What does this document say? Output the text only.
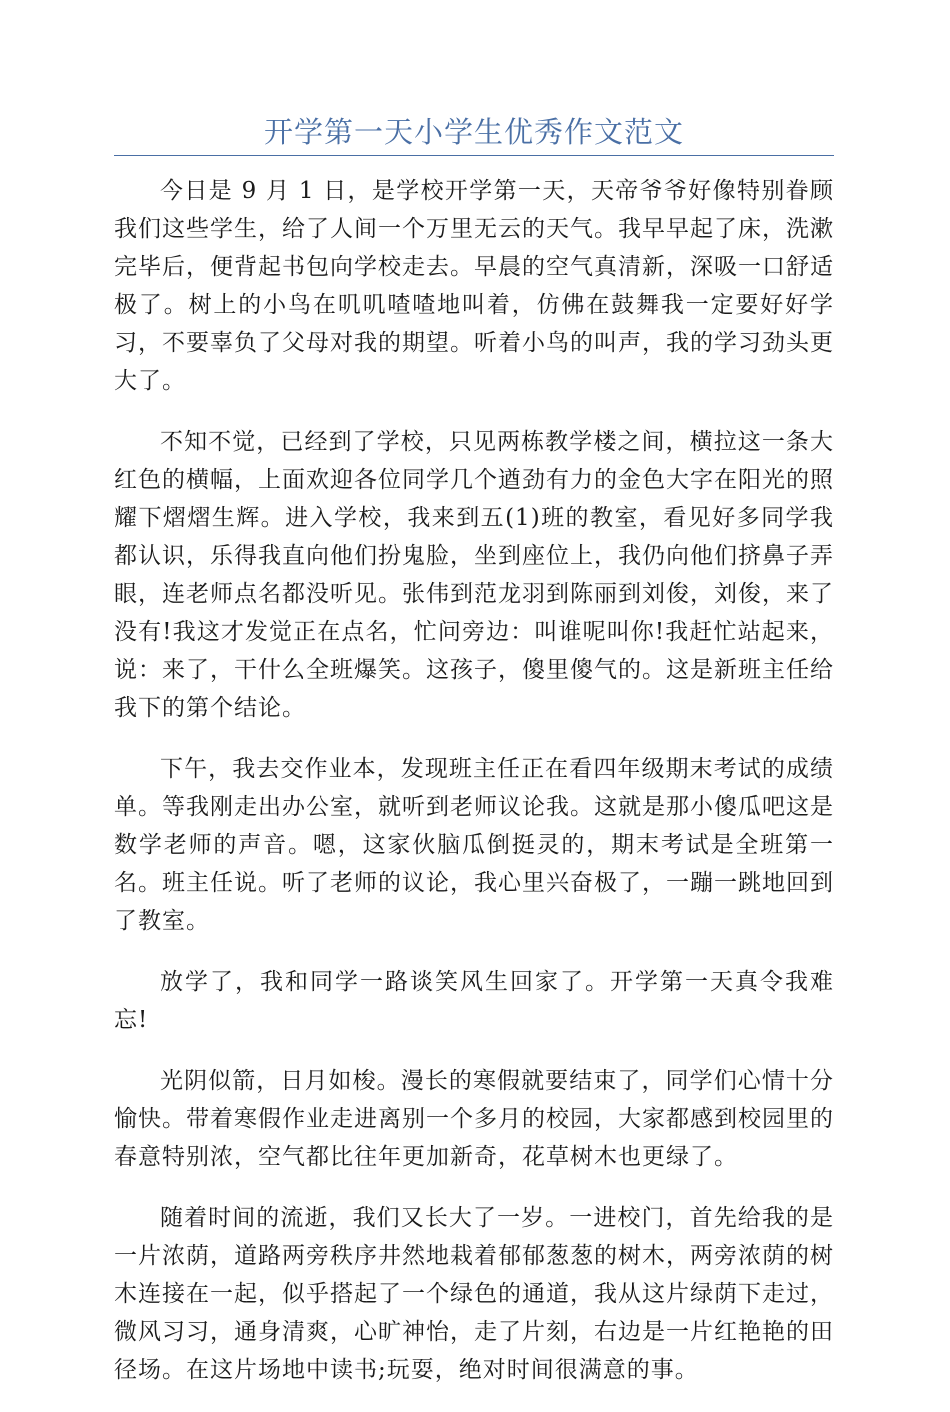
开学第一天小学生优秀作文范文

今日是 9 月 1 日，是学校开学第一天，天帝爷爷好像特别眷顾我们这些学生，给了人间一个万里无云的天气。我早早起了床，洗漱完毕后，便背起书包向学校走去。早晨的空气真清新，深吸一口舒适极了。树上的小鸟在叽叽喳喳地叫着，仿佛在鼓舞我一定要好好学习，不要辜负了父母对我的期望。听着小鸟的叫声，我的学习劲头更大了。

不知不觉，已经到了学校，只见两栋教学楼之间，横拉这一条大红色的横幅，上面欢迎各位同学几个遒劲有力的金色大字在阳光的照耀下熠熠生辉。进入学校，我来到五(1)班的教室，看见好多同学我都认识，乐得我直向他们扮鬼脸，坐到座位上，我仍向他们挤鼻子弄眼，连老师点名都没听见。张伟到范龙羽到陈丽到刘俊，刘俊，来了没有!我这才发觉正在点名，忙问旁边：叫谁呢叫你!我赶忙站起来，说：来了，干什么全班爆笑。这孩子，傻里傻气的。这是新班主任给我下的第个结论。

下午，我去交作业本，发现班主任正在看四年级期末考试的成绩单。等我刚走出办公室，就听到老师议论我。这就是那小傻瓜吧这是数学老师的声音。嗯，这家伙脑瓜倒挺灵的，期末考试是全班第一名。班主任说。听了老师的议论，我心里兴奋极了，一蹦一跳地回到了教室。

放学了，我和同学一路谈笑风生回家了。开学第一天真令我难忘!

光阴似箭，日月如梭。漫长的寒假就要结束了，同学们心情十分愉快。带着寒假作业走进离别一个多月的校园，大家都感到校园里的春意特别浓，空气都比往年更加新奇，花草树木也更绿了。

随着时间的流逝，我们又长大了一岁。一进校门，首先给我的是一片浓荫，道路两旁秩序井然地栽着郁郁葱葱的树木，两旁浓荫的树木连接在一起，似乎搭起了一个绿色的通道，我从这片绿荫下走过，微风习习，通身清爽，心旷神怡，走了片刻，右边是一片红艳艳的田径场。在这片场地中读书;玩耍，绝对时间很满意的事。
